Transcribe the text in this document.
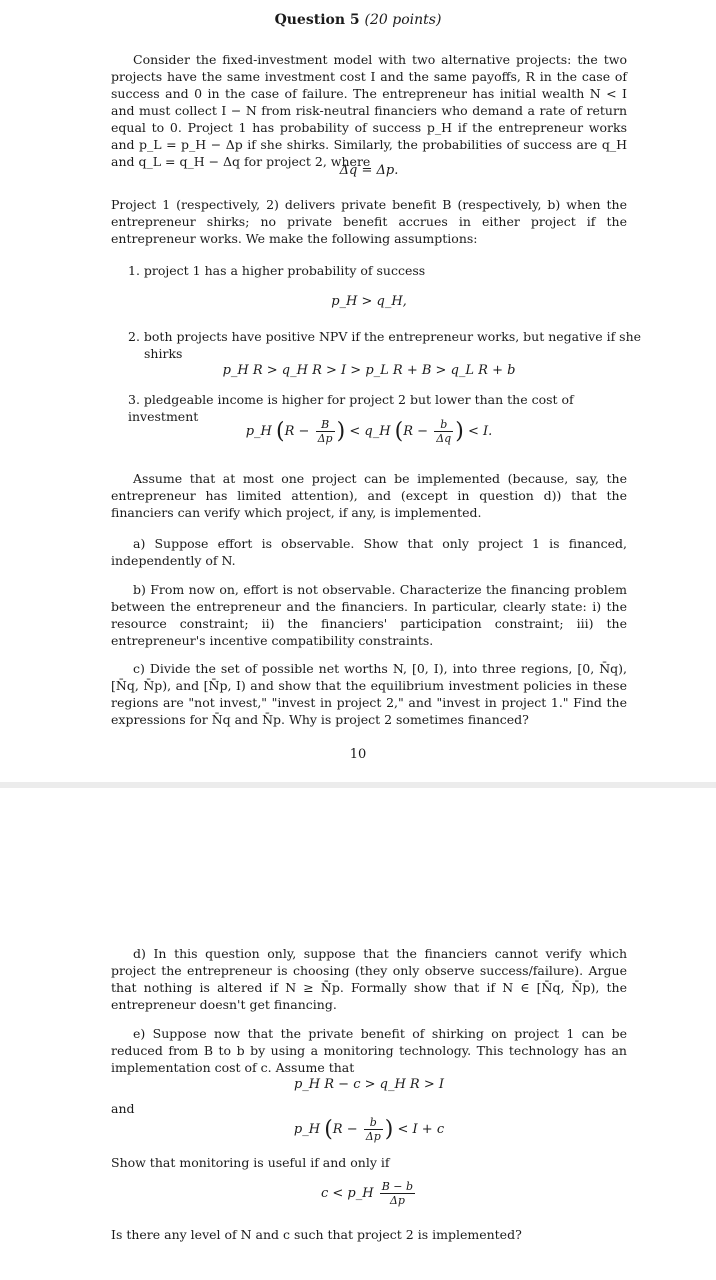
Question 5 (20 points)
Consider the fixed-investment model with two alternative projects: the two projects have the same investment cost I and the same payoffs, R in the case of success and 0 in the case of failure. The entrepreneur has initial wealth N < I and must collect I − N from risk-neutral financiers who demand a rate of return equal to 0. Project 1 has probability of success p_H if the entrepreneur works and p_L = p_H − Δp if she shirks. Similarly, the probabilities of success are q_H and q_L = q_H − Δq for project 2, where
Δq = Δp.
Project 1 (respectively, 2) delivers private benefit B (respectively, b) when the entrepreneur shirks; no private benefit accrues in either project if the entrepreneur works. We make the following assumptions:
1. project 1 has a higher probability of success
p_H > q_H,
2. both projects have positive NPV if the entrepreneur works, but negative if she shirks
p_H R > q_H R > I > p_L R + B > q_L R + b
3. pledgeable income is higher for project 2 but lower than the cost of investment
p_H ($R - \frac{B}{\Delta p}$ ) < q_H ($R - \frac{b}{\Delta q}$ ) < I.
Assume that at most one project can be implemented (because, say, the entrepreneur has limited attention), and (except in question d)) that the financiers can verify which project, if any, is implemented.
a) Suppose effort is observable. Show that only project 1 is financed, independently of N.
b) From now on, effort is not observable. Characterize the financing problem between the entrepreneur and the financiers. In particular, clearly state: i) the resource constraint; ii) the financiers' participation constraint; iii) the entrepreneur's incentive compatibility constraints.
c) Divide the set of possible net worths N, [0, I), into three regions, [0, N̄q), [N̄q, N̄p), and [N̄p, I) and show that the equilibrium investment policies in these regions are "not invest," "invest in project 2," and "invest in project 1." Find the expressions for N̄q and N̄p. Why is project 2 sometimes financed?
10
d) In this question only, suppose that the financiers cannot verify which project the entrepreneur is choosing (they only observe success/failure). Argue that nothing is altered if N ≥ N̄p. Formally show that if N ∈ [N̄q, N̄p), the entrepreneur doesn't get financing.
e) Suppose now that the private benefit of shirking on project 1 can be reduced from B to b by using a monitoring technology. This technology has an implementation cost of c. Assume that
p_H R − c > q_H R > I
and
p_H ($R - \frac{b}{\Delta p}$ ) < I + c
Show that monitoring is useful if and only if
c < p_H $\frac{B - b}{\Delta p}$
Is there any level of N and c such that project 2 is implemented?
